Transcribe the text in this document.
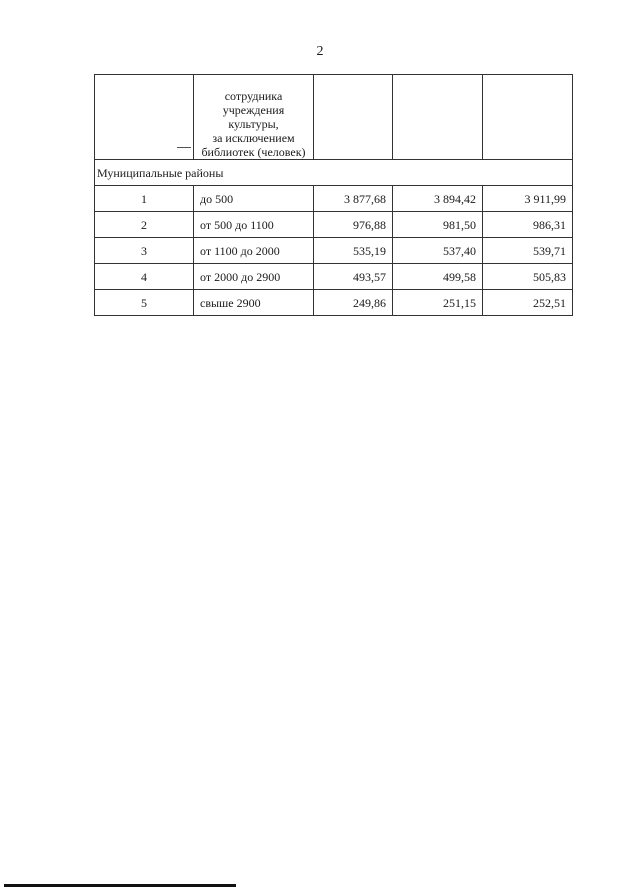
2

	сотрудника
учреждения
культуры,
за исключением
библиотек (человек)			

Муниципальные районы				
1	до 500	3 877,68	3 894,42	3 911,99
2	от 500 до 1100	976,88	981,50	986,31
3	от 1100 до 2000	535,19	537,40	539,71
4	от 2000 до 2900	493,57	499,58	505,83
5	свыше 2900	249,86	251,15	252,51
